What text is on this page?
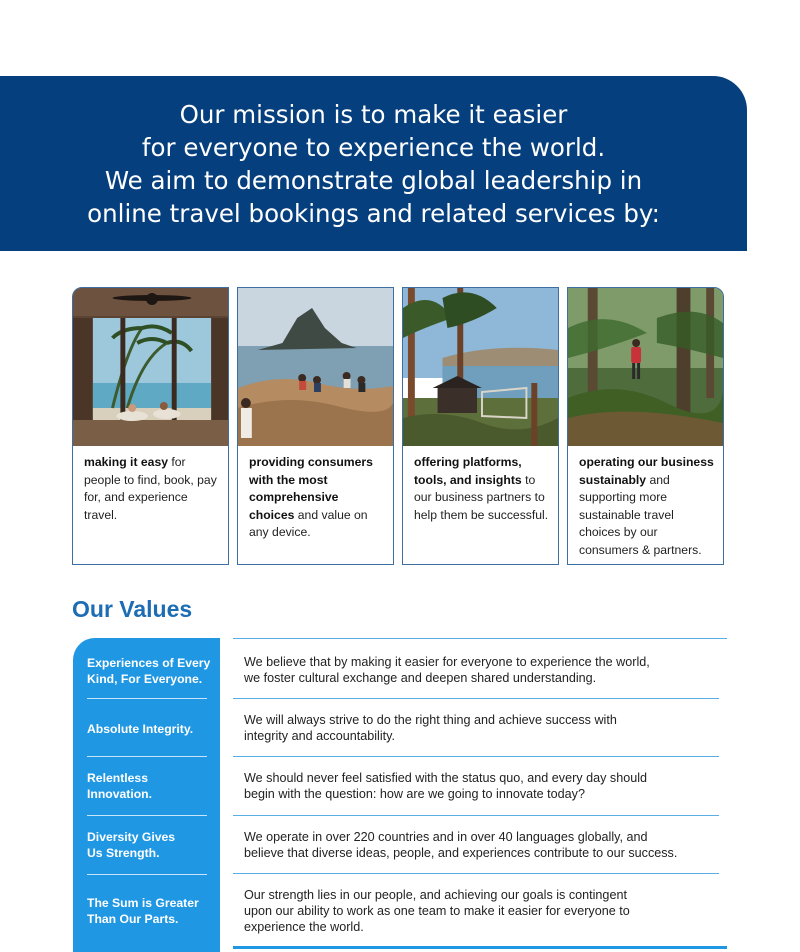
Our mission is to make it easier
for everyone to experience the world.
We aim to demonstrate global leadership in
online travel bookings and related services by:
making it easy for people to find, book, pay for, and experience travel.
providing consumers with the most comprehensive choices and value on any device.
offering platforms, tools, and insights to our business partners to help them be successful.
operating our business sustainably and supporting more sustainable travel choices by our consumers & partners.
Our Values
Experiences of Every
Kind, For Everyone.
Absolute Integrity.
Relentless
Innovation.
Diversity Gives
Us Strength.
The Sum is Greater
Than Our Parts.
We believe that by making it easier for everyone to experience the world,
we foster cultural exchange and deepen shared understanding.
We will always strive to do the right thing and achieve success with
integrity and accountability.
We should never feel satisfied with the status quo, and every day should
begin with the question: how are we going to innovate today?
We operate in over 220 countries and in over 40 languages globally, and
believe that diverse ideas, people, and experiences contribute to our success.
Our strength lies in our people, and achieving our goals is contingent
upon our ability to work as one team to make it easier for everyone to
experience the world.
